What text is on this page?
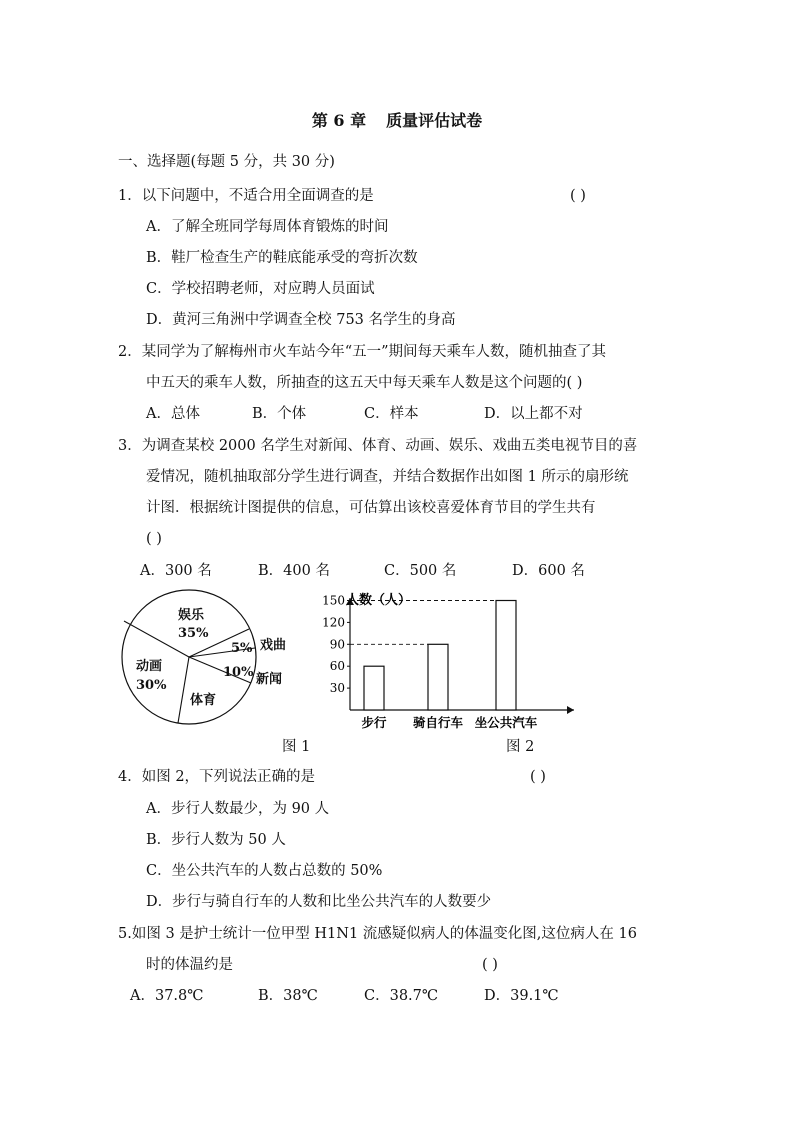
第 6 章 质量评估试卷
一、选择题(每题 5 分，共 30 分)
1．以下问题中，不适合用全面调查的是	( )
A．了解全班同学每周体育锻炼的时间
B．鞋厂检查生产的鞋底能承受的弯折次数
C．学校招聘老师，对应聘人员面试
D．黄河三角洲中学调查全校 753 名学生的身高
2．某同学为了解梅州市火车站今年“五一”期间每天乘车人数，随机抽查了其
中五天的乘车人数，所抽查的这五天中每天乘车人数是这个问题的( )
A．总体	B．个体	C．样本	D．以上都不对
3．为调查某校 2000 名学生对新闻、体育、动画、娱乐、戏曲五类电视节目的喜
爱情况，随机抽取部分学生进行调查，并结合数据作出如图 1 所示的扇形统
计图．根据统计图提供的信息，可估算出该校喜爱体育节目的学生共有
( )
A．300 名	B．400 名	C．500 名	D．600 名
娱乐
35%
5%
10%
动画
30%
体育
戏曲
新闻
图 1
人数（人）
30
60
90
120
150
步行 骑自行车 坐公共汽车
图 2
4．如图 2，下列说法正确的是	( )
A．步行人数最少，为 90 人
B．步行人数为 50 人
C．坐公共汽车的人数占总数的 50%
D．步行与骑自行车的人数和比坐公共汽车的人数要少
5.如图 3 是护士统计一位甲型 H1N1 流感疑似病人的体温变化图,这位病人在 16
时的体温约是	( )
A．37.8℃	B．38℃	C．38.7℃	D．39.1℃
